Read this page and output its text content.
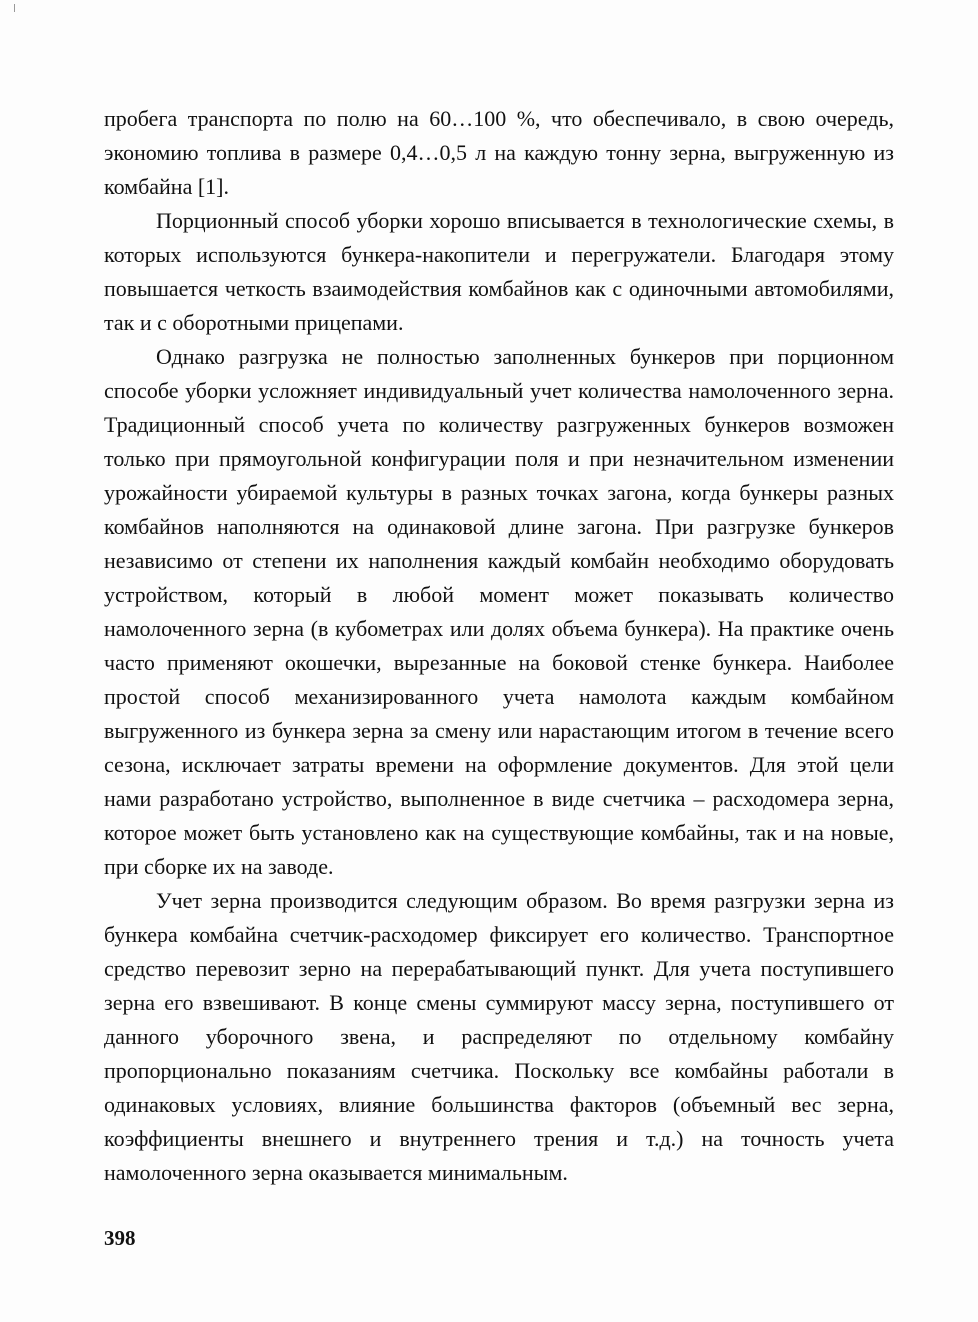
пробега транспорта по полю на 60…100 %, что обеспечивало, в свою очередь, экономию топлива в размере 0,4…0,5 л на каждую тонну зерна, выгруженную из комбайна [1].

Порционный способ уборки хорошо вписывается в технологические схемы, в которых используются бункера-накопители и перегружатели. Благодаря этому повышается четкость взаимодействия комбайнов как с одиночными автомобилями, так и с оборотными прицепами.

Однако разгрузка не полностью заполненных бункеров при порционном способе уборки усложняет индивидуальный учет количества намолоченного зерна. Традиционный способ учета по количеству разгруженных бункеров возможен только при прямоугольной конфигурации поля и при незначительном изменении урожайности убираемой культуры в разных точках загона, когда бункеры разных комбайнов наполняются на одинаковой длине загона. При разгрузке бункеров независимо от степени их наполнения каждый комбайн необходимо оборудовать устройством, который в любой момент может показывать количество намолоченного зерна (в кубометрах или долях объема бункера). На практике очень часто применяют окошечки, вырезанные на боковой стенке бункера. Наиболее простой способ механизированного учета намолота каждым комбайном выгруженного из бункера зерна за смену или нарастающим итогом в течение всего сезона, исключает затраты времени на оформление документов. Для этой цели нами разработано устройство, выполненное в виде счетчика – расходомера зерна, которое может быть установлено как на существующие комбайны, так и на новые, при сборке их на заводе.

Учет зерна производится следующим образом. Во время разгрузки зерна из бункера комбайна счетчик-расходомер фиксирует его количество. Транспортное средство перевозит зерно на перерабатывающий пункт. Для учета поступившего зерна его взвешивают. В конце смены суммируют массу зерна, поступившего от данного уборочного звена, и распределяют по отдельному комбайну пропорционально показаниям счетчика. Поскольку все комбайны работали в одинаковых условиях, влияние большинства факторов (объемный вес зерна, коэффициенты внешнего и внутреннего трения и т.д.) на точность учета намолоченного зерна оказывается минимальным.

398
